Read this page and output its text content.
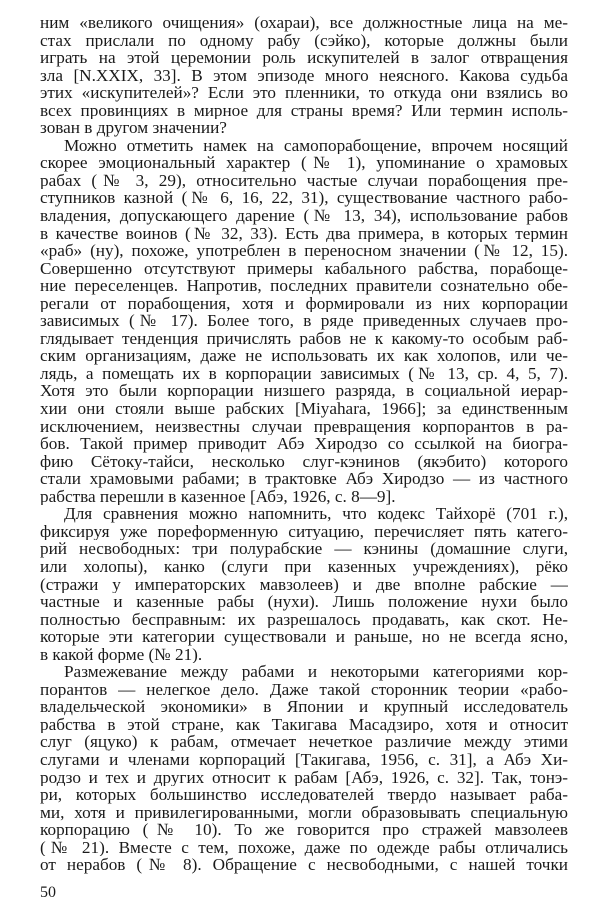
ним «великого очищения» (охараи), все должностные лица на ме-
стах прислали по одному рабу (сэйко), которые должны были
играть на этой церемонии роль искупителей в залог отвращения
зла [N.XXIX, 33]. В этом эпизоде много неясного. Какова судьба
этих «искупителей»? Если это пленники, то откуда они взялись во
всех провинциях в мирное для страны время? Или термин исполь-
зован в другом значении?
Можно отметить намек на самопорабощение, впрочем носящий
скорее эмоциональный характер (№ 1), упоминание о храмовых
рабах (№ 3, 29), относительно частые случаи порабощения пре-
ступников казной (№ 6, 16, 22, 31), существование частного рабо-
владения, допускающего дарение (№ 13, 34), использование рабов
в качестве воинов (№ 32, 33). Есть два примера, в которых термин
«раб» (ну), похоже, употреблен в переносном значении (№ 12, 15).
Совершенно отсутствуют примеры кабального рабства, порабоще-
ние переселенцев. Напротив, последних правители сознательно обе-
регали от порабощения, хотя и формировали из них корпорации
зависимых (№ 17). Более того, в ряде приведенных случаев про-
глядывает тенденция причислять рабов не к какому-то особым раб-
ским организациям, даже не использовать их как холопов, или че-
лядь, а помещать их в корпорации зависимых (№ 13, ср. 4, 5, 7).
Хотя это были корпорации низшего разряда, в социальной иерар-
хии они стояли выше рабских [Miyahara, 1966]; за единственным
исключением, неизвестны случаи превращения корпорантов в ра-
бов. Такой пример приводит Абэ Хиродзо со ссылкой на биогра-
фию Сётоку-тайси, несколько слуг-кэнинов (якэбито) которого
стали храмовыми рабами; в трактовке Абэ Хиродзо — из частного
рабства перешли в казенное [Абэ, 1926, с. 8—9].
Для сравнения можно напомнить, что кодекс Тайхорё (701 г.),
фиксируя уже пореформенную ситуацию, перечисляет пять катего-
рий несвободных: три полурабские — кэнины (домашние слуги,
или холопы), канко (слуги при казенных учреждениях), рёко
(стражи у императорских мавзолеев) и две вполне рабские —
частные и казенные рабы (нухи). Лишь положение нухи было
полностью бесправным: их разрешалось продавать, как скот. Не-
которые эти категории существовали и раньше, но не всегда ясно,
в какой форме (№ 21).
Размежевание между рабами и некоторыми категориями кор-
порантов — нелегкое дело. Даже такой сторонник теории «рабо-
владельческой экономики» в Японии и крупный исследователь
рабства в этой стране, как Такигава Масадзиро, хотя и относит
слуг (яцуко) к рабам, отмечает нечеткое различие между этими
слугами и членами корпораций [Такигава, 1956, с. 31], а Абэ Хи-
родзо и тех и других относит к рабам [Абэ, 1926, с. 32]. Так, тонэ-
ри, которых большинство исследователей твердо называет раба-
ми, хотя и привилегированными, могли образовывать специальную
корпорацию (№ 10). То же говорится про стражей мавзолеев
(№ 21). Вместе с тем, похоже, даже по одежде рабы отличались
от нерабов (№ 8). Обращение с несвободными, с нашей точки
50
